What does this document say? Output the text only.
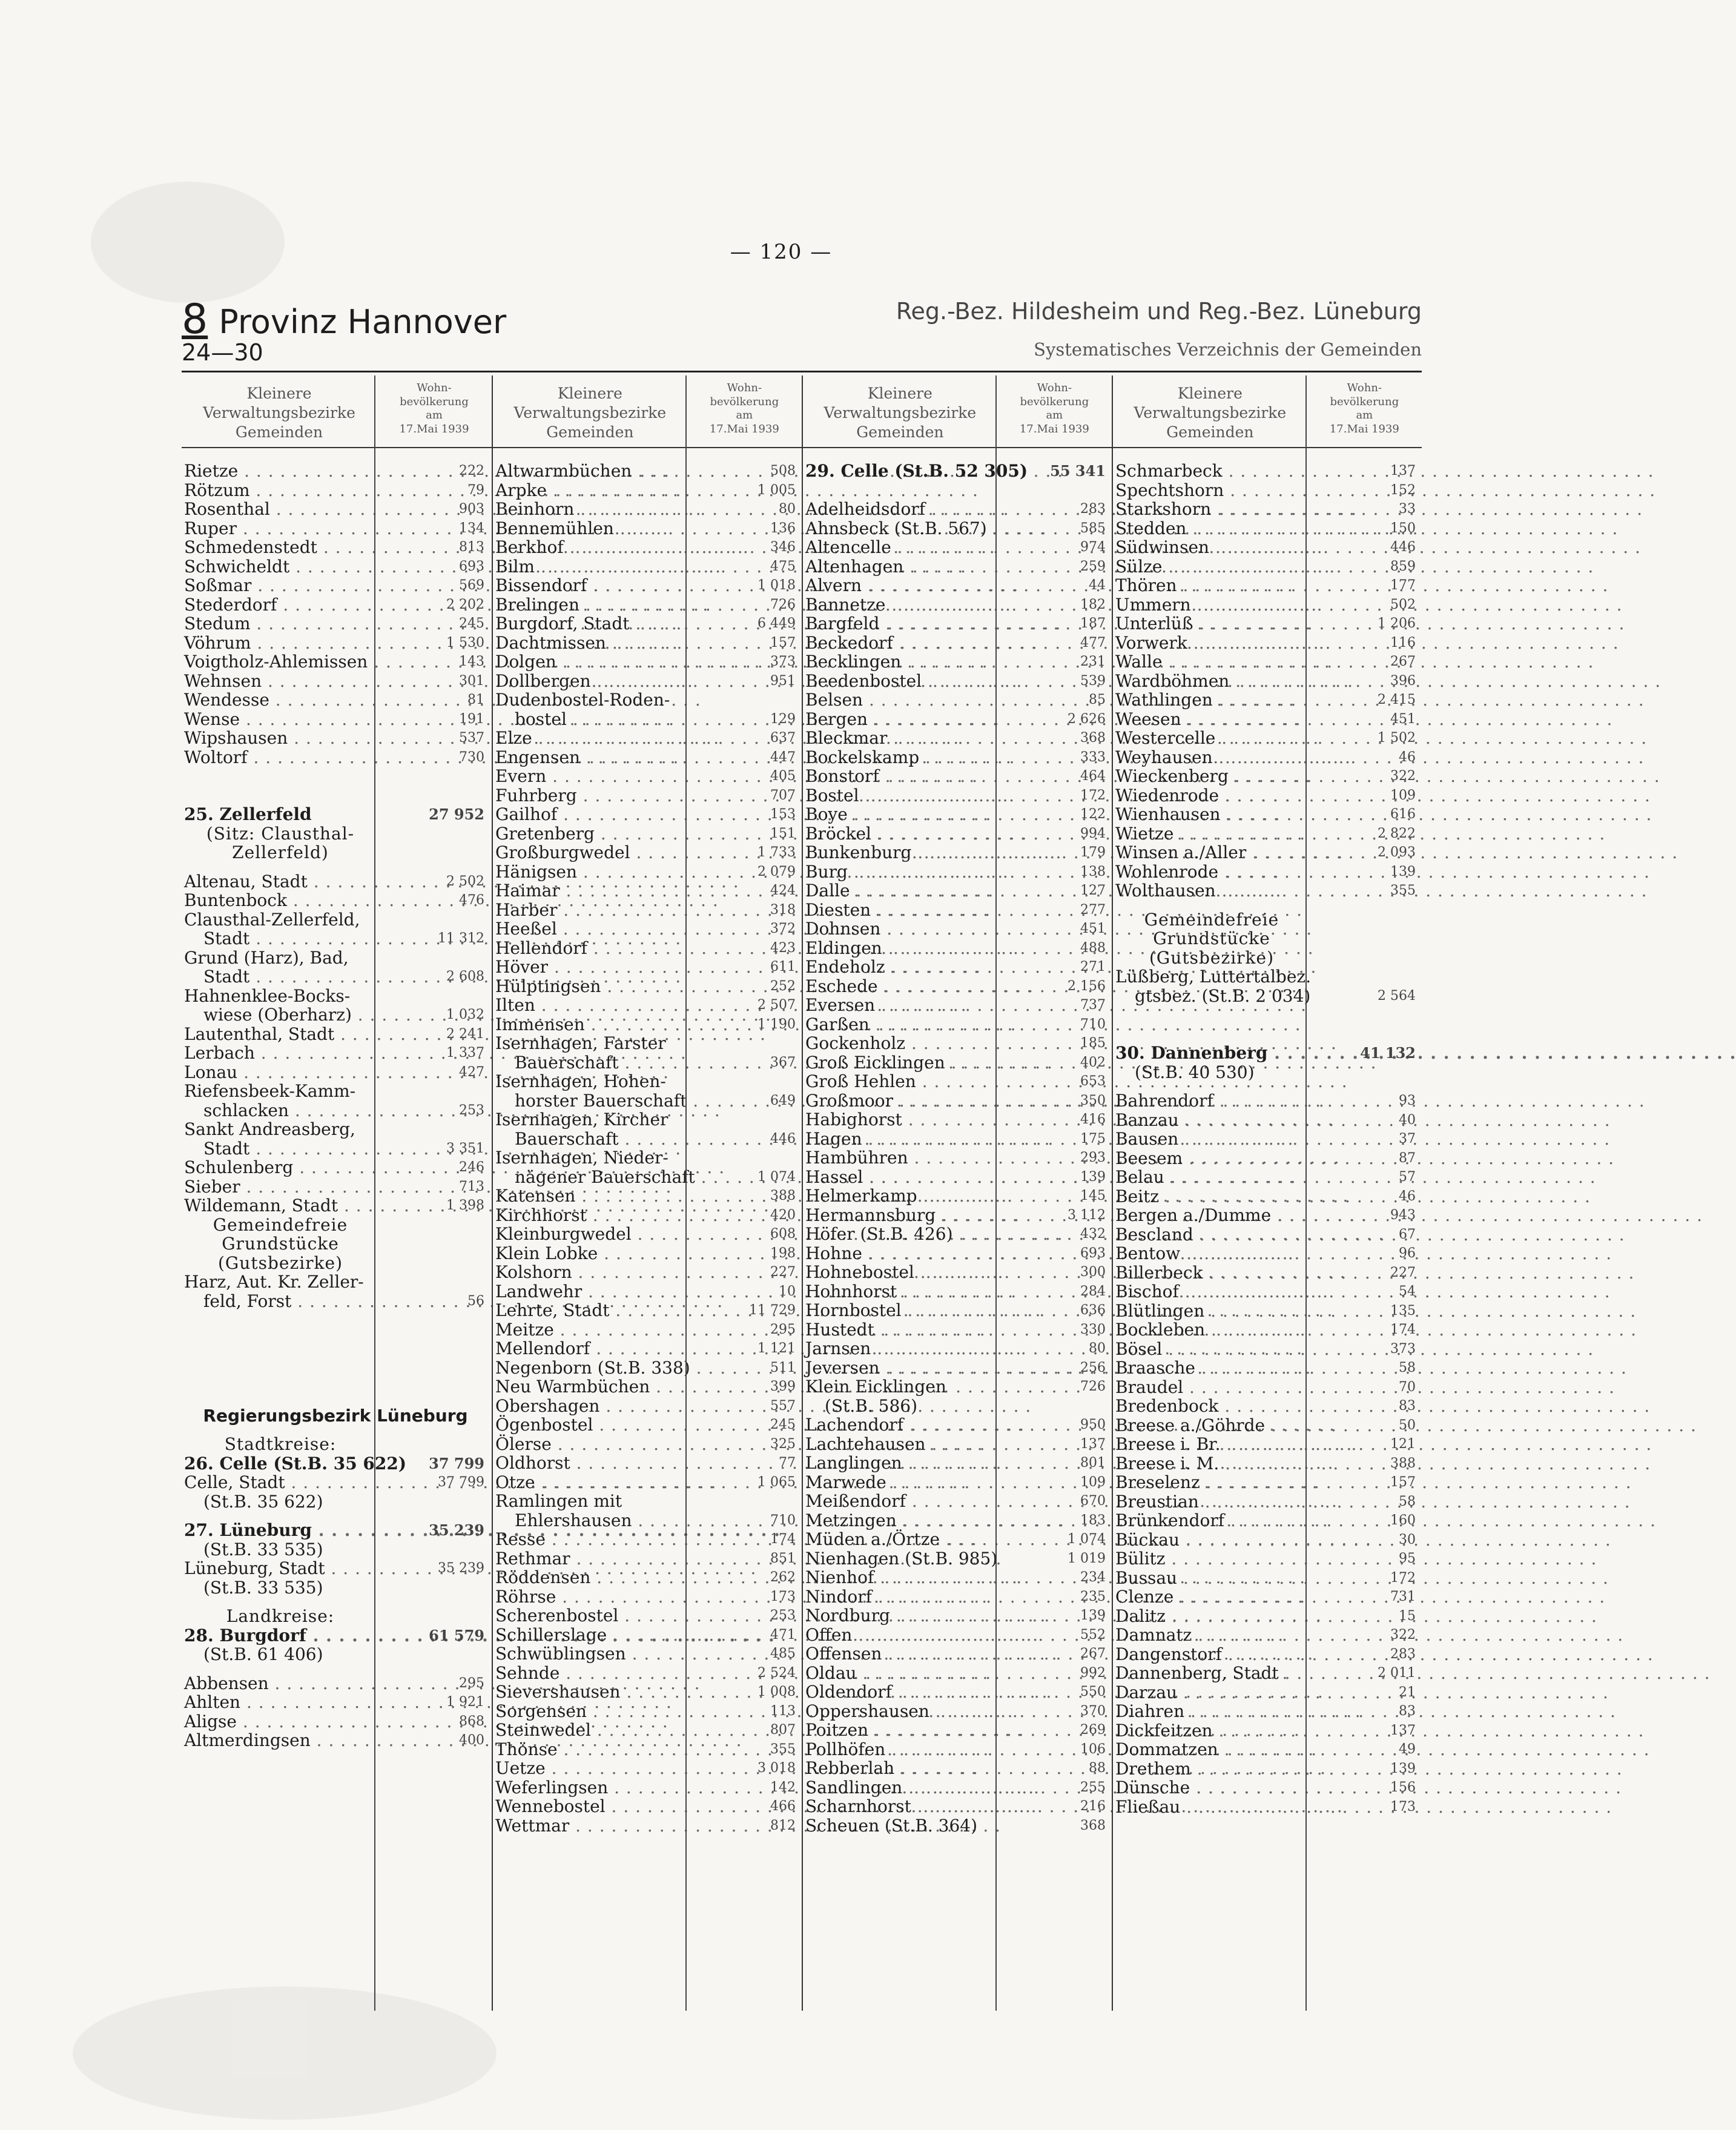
— 120 —
8 Provinz Hannover
24—30
Reg.-Bez. Hildesheim und Reg.-Bez. Lüneburg
Systematisches Verzeichnis der Gemeinden
Kleinere
Verwaltungsbezirke
Gemeinden
Wohn-
bevölkerung
am
17.Mai 1939
Rietze . . .	222
Rötzum . . .	79
Rosenthal . . .	903
Ruper . . .	134
Schmedenstedt . . .	813
Schwicheldt . . .	693
Soßmar . . .	569
Stederdorf . . .	2 202
Stedum . . .	245
Vöhrum . . .	1 530
Voigtholz-Ahlemissen . . .	143
Wehnsen . . .	301
Wendesse . . .	81
Wense . . .	191
Wipshausen . . .	537
Woltorf . . .	730
25. Zellerfeld	27 952
(Sitz: Clausthal-
Zellerfeld)
Altenau, Stadt . . .	2 502
Buntenbock . . .	476
Clausthal-Zellerfeld,
Stadt . . .	11 312
Grund (Harz), Bad,
Stadt . . .	2 608
Hahnenklee-Bocks-
wiese (Oberharz) . . .	1 032
Lautenthal, Stadt . . .	2 241
Lerbach . . .	1 337
Lonau . . .	427
Riefensbeek-Kamm-
schlacken . . .	253
Sankt Andreasberg,
Stadt . . .	3 351
Schulenberg . . .	246
Sieber . . .	713
Wildemann, Stadt . . .	1 398
Gemeindefreie
Grundstücke
(Gutsbezirke)
Harz, Aut. Kr. Zeller-
feld, Forst . . .	56
Regierungsbezirk Lüneburg
Stadtkreise:
26. Celle (St.B. 35 622)	37 799
Celle, Stadt . . .	37 799
(St.B. 35 622)
27. Lüneburg . . .	35 239
(St.B. 33 535)
Lüneburg, Stadt . . .	35 239
(St.B. 33 535)
Landkreise:
28. Burgdorf . . .	61 579
(St.B. 61 406)
Abbensen . . .	295
Ahlten . . .	1 921
Aligse . . .	868
Altmerdingsen . . .	400
Kleinere
Verwaltungsbezirke
Gemeinden
Wohn-
bevölkerung
am
17.Mai 1939
Altwarmbüchen . . .	508
Arpke . . .	1 005
Beinhorn . . .	80
Bennemühlen . . .	136
Berkhof . . .	346
Bilm . . .	475
Bissendorf . . .	1 018
Brelingen . . .	726
Burgdorf, Stadt . . .	6 449
Dachtmissen . . .	157
Dolgen . . .	373
Dollbergen . . .	951
Dudenbostel-Roden-
bostel . . .	129
Elze . . .	637
Engensen . . .	447
Evern . . .	405
Fuhrberg . . .	707
Gailhof . . .	153
Gretenberg . . .	151
Großburgwedel . . .	1 733
Hänigsen . . .	2 079
Haimar . . .	424
Harber . . .	318
Heeßel . . .	372
Hellendorf . . .	423
Höver . . .	611
Hülptingsen . . .	252
Ilten . . .	2 507
Immensen . . .	1 190
Isernhagen, Farster
Bauerschaft . . .	367
Isernhagen, Hohen-
horster Bauerschaft . . .	649
Isernhagen, Kircher
Bauerschaft . . .	446
Isernhagen, Nieder-
nägener Bauerschaft . . .	1 074
Katensen . . .	388
Kirchhorst . . .	420
Kleinburgwedel . . .	608
Klein Lobke . . .	198
Kolshorn . . .	227
Landwehr . . .	10
Lehrte, Stadt . . .	11 729
Meitze . . .	295
Mellendorf . . .	1 121
Negenborn (St.B. 338) . . .	511
Neu Warmbüchen . . .	399
Obershagen . . .	557
Ögenbostel . . .	245
Ölerse . . .	325
Oldhorst . . .	77
Otze . . .	1 065
Ramlingen mit
Ehlershausen . . .	710
Resse . . .	174
Rethmar . . .	851
Röddensen . . .	262
Röhrse . . .	173
Scherenbostel . . .	253
Schillerslage . . .	471
Schwüblingsen . . .	485
Sehnde . . .	2 524
Sievershausen . . .	1 008
Sorgensen . . .	113
Steinwedel . . .	807
Thönse . . .	355
Uetze . . .	3 018
Weferlingsen . . .	142
Wennebostel . . .	466
Wettmar . . .	812
Kleinere
Verwaltungsbezirke
Gemeinden
Wohn-
bevölkerung
am
17.Mai 1939
29. Celle (St.B. 52 305)	55 341
Adelheidsdorf . . .	283
Ahnsbeck (St.B. 567) . . .	585
Altencelle . . .	974
Altenhagen . . .	259
Alvern . . .	44
Bannetze . . .	182
Bargfeld . . .	187
Beckedorf . . .	477
Becklingen . . .	231
Beedenbostel . . .	539
Belsen . . .	85
Bergen . . .	2 626
Bleckmar . . .	368
Bockelskamp . . .	333
Bonstorf . . .	464
Bostel . . .	172
Boye . . .	122
Bröckel . . .	994
Bunkenburg . . .	179
Burg . . .	138
Dalle . . .	127
Diesten . . .	277
Dohnsen . . .	451
Eldingen . . .	488
Endeholz . . .	271
Eschede . . .	2 156
Eversen . . .	737
Garßen . . .	710
Gockenholz . . .	185
Groß Eicklingen . . .	402
Groß Hehlen . . .	653
Großmoor . . .	350
Habighorst . . .	416
Hagen . . .	175
Hambühren . . .	293
Hassel . . .	139
Helmerkamp . . .	145
Hermannsburg . . .	3 112
Höfer (St.B. 426) . . .	432
Hohne . . .	693
Hohnebostel . . .	300
Hohnhorst . . .	284
Hornbostel . . .	636
Hustedt . . .	330
Jarnsen . . .	80
Jeversen . . .	256
Klein Eicklingen	726
(St.B. 586)
Lachendorf . . .	950
Lachtehausen . . .	137
Langlingen . . .	801
Marwede . . .	109
Meißendorf . . .	670
Metzingen . . .	183
Müden a./Örtze . . .	1 074
Nienhagen (St.B. 985)	1 019
Nienhof . . .	234
Nindorf . . .	235
Nordburg . . .	139
Offen . . .	552
Offensen . . .	267
Oldau . . .	992
Oldendorf . . .	550
Oppershausen . . .	370
Poitzen . . .	269
Pollhöfen . . .	106
Rebberlah . . .	88
Sandlingen . . .	255
Scharnhorst . . .	216
Scheuen (St.B. 364)	368
Kleinere
Verwaltungsbezirke
Gemeinden
Wohn-
bevölkerung
am
17.Mai 1939
Schmarbeck . . .	137
Spechtshorn . . .	152
Starkshorn . . .	33
Stedden . . .	150
Südwinsen . . .	446
Sülze . . .	859
Thören . . .	177
Ummern . . .	502
Unterlüß . . .	1 206
Vorwerk . . .	116
Walle . . .	267
Wardböhmen . . .	396
Wathlingen . . .	2 415
Weesen . . .	451
Westercelle . . .	1 502
Weyhausen . . .	46
Wieckenberg . . .	322
Wiedenrode . . .	109
Wienhausen . . .	616
Wietze . . .	2 822
Winsen a./Aller . . .	2 093
Wohlenrode . . .	139
Wolthausen . . .	355
Gemeindefreie
Grundstücke
(Gutsbezirke)
Lüßberg, Luttertalbez.
gtsbez. (St.B. 2 034)	2 564
30. Dannenberg . . .	41 132
(St.B. 40 530)
Bahrendorf . . .	93
Banzau . . .	40
Bausen . . .	37
Beesem . . .	87
Belau . . .	57
Beitz . . .	46
Bergen a./Dumme . . .	943
Bescland . . .	67
Bentow . . .	96
Billerbeck . . .	227
Bischof . . .	54
Blütlingen . . .	135
Bockleben . . .	174
Bösel . . .	373
Braasche . . .	58
Braudel . . .	70
Bredenbock . . .	83
Breese a./Göhrde . . .	50
Breese i. Br. . . .	121
Breese i. M. . . .	388
Breselenz . . .	157
Breustian . . .	58
Brünkendorf . . .	160
Bückau . . .	30
Bülitz . . .	95
Bussau . . .	172
Clenze . . .	731
Dalitz . . .	15
Damnatz . . .	322
Dangenstorf . . .	283
Dannenberg, Stadt . . .	2 011
Darzau . . .	21
Diahren . . .	83
Dickfeitzen . . .	137
Dommatzen . . .	49
Drethem . . .	139
Dünsche . . .	156
Fließau . . .	173
